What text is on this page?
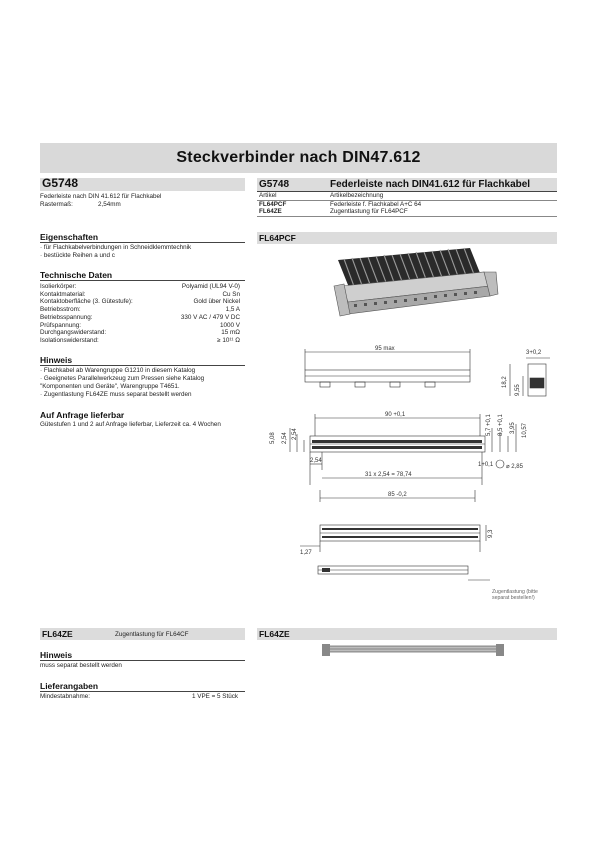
Steckverbinder nach DIN47.612
G5748
Federleiste nach DIN 41.612 für Flachkabel
Rastermaß:	2,54mm
G5748	Federleiste nach DIN41.612 für Flachkabel
Artikel	Artikelbezeichnung
FL64PCF	Federleiste f. Flachkabel A+C 64
FL64ZE	Zugentlastung für FL64PCF
Eigenschaften
· für Flachkabelverbindungen in Schneidklemmtechnik
· bestückte Reihen a und c
Technische Daten
Isolierkörper:	Polyamid (UL94 V-0)
Kontaktmaterial:	Cu Sn
Kontaktoberfläche (3. Gütestufe):	Gold über Nickel
Betriebsstrom:	1,5 A
Betriebsspannung:	330 V AC / 479 V DC
Prüfspannung:	1000 V
Durchgangswiderstand:	15 mΩ
Isolationswiderstand:	≥ 10¹¹ Ω
Hinweis
· Flachkabel ab Warengruppe G1210 in diesem Katalog
· Geeignetes Parallelwerkzeug zum Pressen siehe Katalog
"Komponenten und Geräte", Warengruppe T4651.
· Zugentlastung FL64ZE muss separat bestellt werden
Auf Anfrage lieferbar
Gütestufen 1 und 2 auf Anfrage lieferbar, Lieferzeit ca. 4 Wochen
FL64PCF
95 max
3+0,2
18,2
9,55
90 +0,1
5,08 2,54 2,54	5,7 +0,1 8,5 +0,1 3,95 10,57
2,54
1+0,1
31 x 2,54 = 78,74
⌀ 2,85
85 -0,2
9,3
1,27
Zugentlastung (bitte
separat bestellen!)
FL64ZE	Zugentlastung für FL64CF
Hinweis
muss separat bestellt werden
Lieferangaben
Mindestabnahme:	1 VPE = 5 Stück
FL64ZE
